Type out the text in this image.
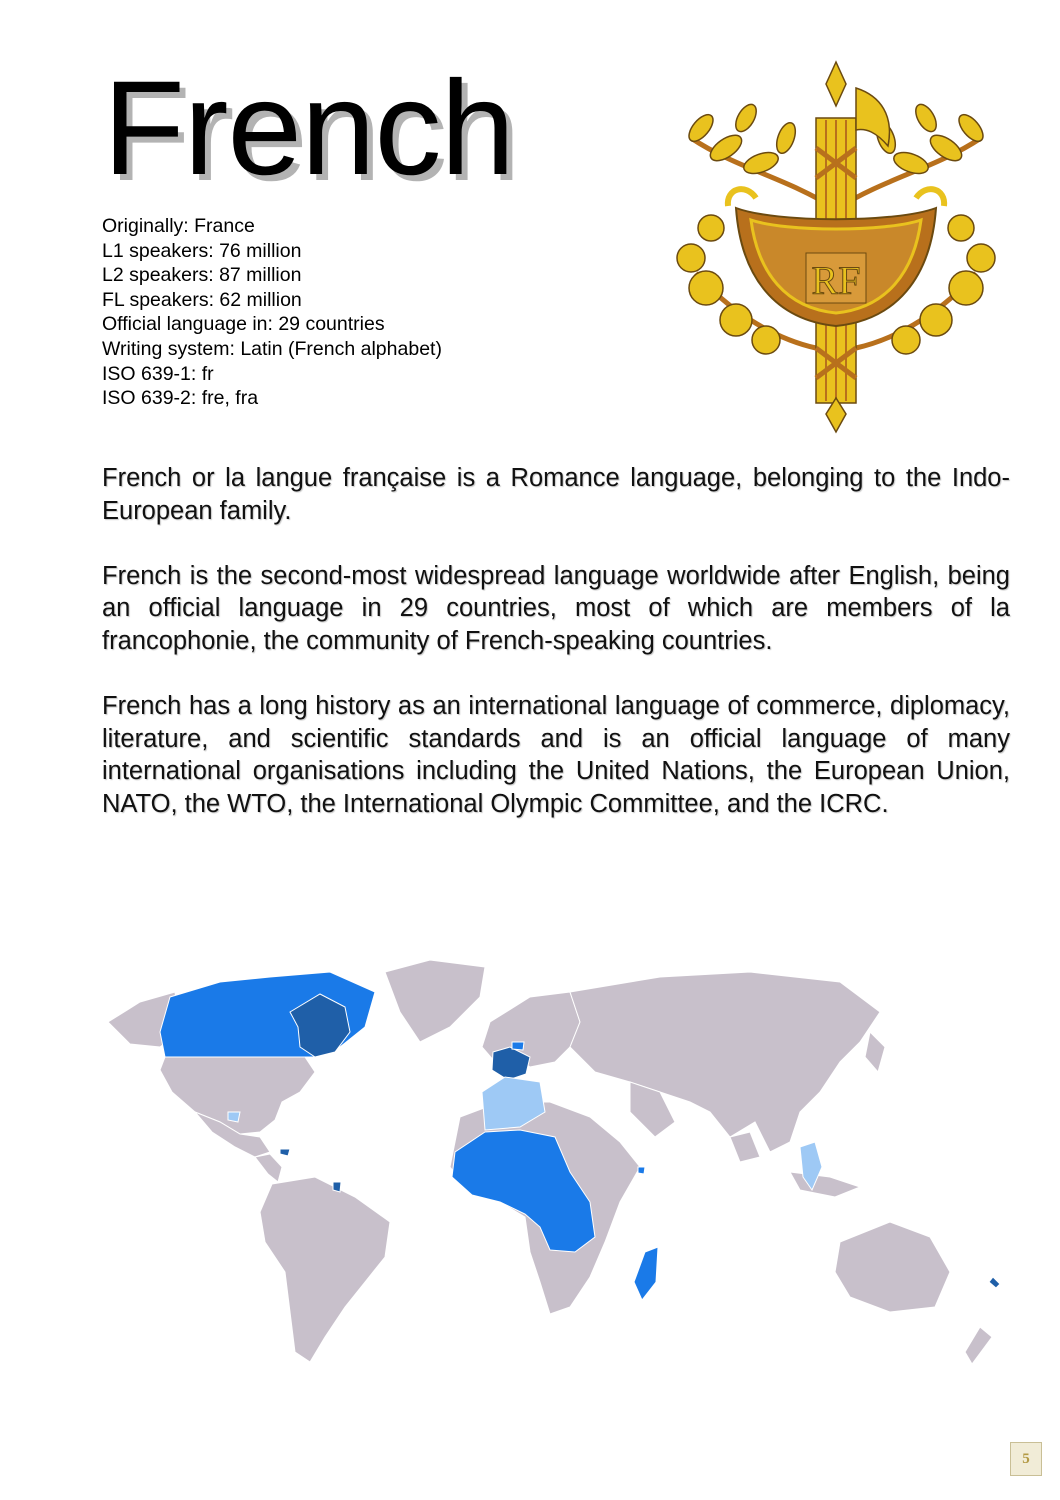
French
Originally: France
L1 speakers: 76 million
L2 speakers: 87 million
FL speakers: 62 million
Official language in: 29 countries
Writing system: Latin (French alphabet)
ISO 639-1: fr
ISO 639-2: fre, fra
RF

French or la langue française is a Romance language, belonging to the Indo-European family.

French is the second-most widespread language worldwide after English, being an official language in 29 countries, most of which are members of la francophonie, the community of French-speaking countries.

French has a long history as an international language of commerce, diplomacy, literature, and scientific standards and is an official language of many international organisations including the United Nations, the European Union, NATO, the WTO, the International Olympic Committee, and the ICRC.

5
